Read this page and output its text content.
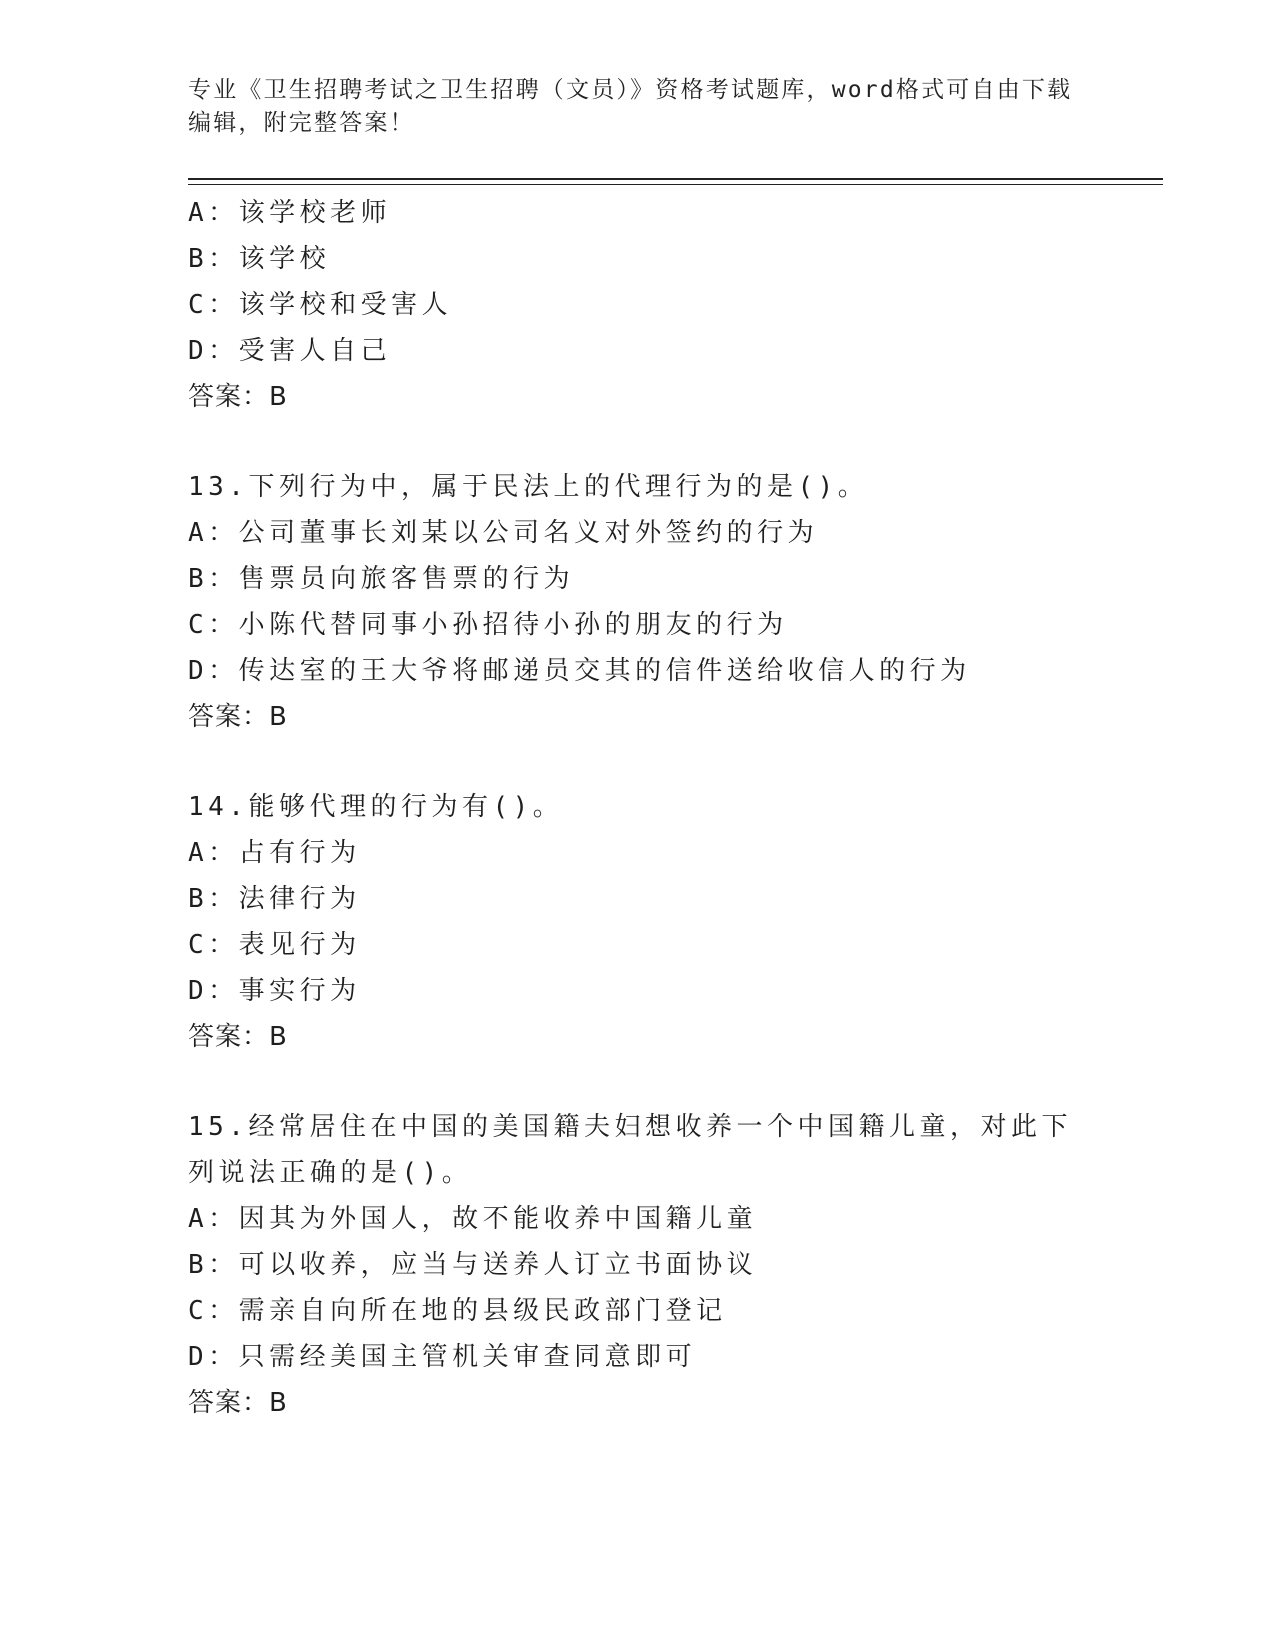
专业《卫生招聘考试之卫生招聘（文员）》资格考试题库，word格式可自由下载编辑，附完整答案！
A：该学校老师
B：该学校
C：该学校和受害人
D：受害人自己
答案：B
13.下列行为中，属于民法上的代理行为的是()。
A：公司董事长刘某以公司名义对外签约的行为
B：售票员向旅客售票的行为
C：小陈代替同事小孙招待小孙的朋友的行为
D：传达室的王大爷将邮递员交其的信件送给收信人的行为
答案：B
14.能够代理的行为有()。
A：占有行为
B：法律行为
C：表见行为
D：事实行为
答案：B
15.经常居住在中国的美国籍夫妇想收养一个中国籍儿童，对此下列说法正确的是()。
A：因其为外国人，故不能收养中国籍儿童
B：可以收养，应当与送养人订立书面协议
C：需亲自向所在地的县级民政部门登记
D：只需经美国主管机关审查同意即可
答案：B
